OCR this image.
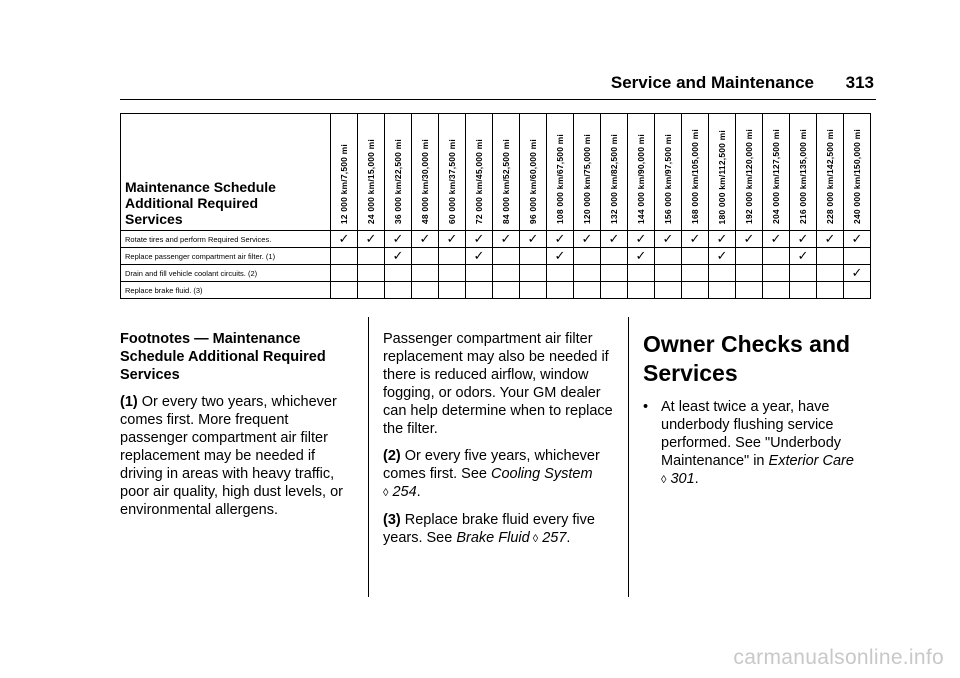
Service and Maintenance 313
Maintenance Schedule
Additional Required
Services	12 000 km/7,500 mi	24 000 km/15,000 mi	36 000 km/22,500 mi	48 000 km/30,000 mi	60 000 km/37,500 mi	72 000 km/45,000 mi	84 000 km/52,500 mi	96 000 km/60,000 mi	108 000 km/67,500 mi	120 000 km/75,000 mi	132 000 km/82,500 mi	144 000 km/90,000 mi	156 000 km/97,500 mi	168 000 km/105,000 mi	180 000 km/112,500 mi	192 000 km/120,000 mi	204 000 km/127,500 mi	216 000 km/135,000 mi	228 000 km/142,500 mi	240 000 km/150,000 mi

Rotate tires and perform Required Services.	✓	✓	✓	✓	✓	✓	✓	✓	✓	✓	✓	✓	✓	✓	✓	✓	✓	✓	✓	✓
Replace passenger compartment air filter. (1)			✓			✓			✓			✓			✓			✓		
Drain and fill vehicle coolant circuits. (2)																				✓
Replace brake fluid. (3)																				

Footnotes — Maintenance Schedule Additional Required Services

(1) Or every two years, whichever comes first. More frequent passenger compartment air filter replacement may be needed if driving in areas with heavy traffic, poor air quality, high dust levels, or environmental allergens.

Passenger compartment air filter replacement may also be needed if there is reduced airflow, window fogging, or odors. Your GM dealer can help determine when to replace the filter.

(2) Or every five years, whichever comes first. See Cooling System
◊ 254.

(3) Replace brake fluid every five years. See Brake Fluid ◊ 257.

Owner Checks and Services
• At least twice a year, have underbody flushing service performed. See "Underbody Maintenance" in Exterior Care
◊ 301.
carmanualsonline.info
